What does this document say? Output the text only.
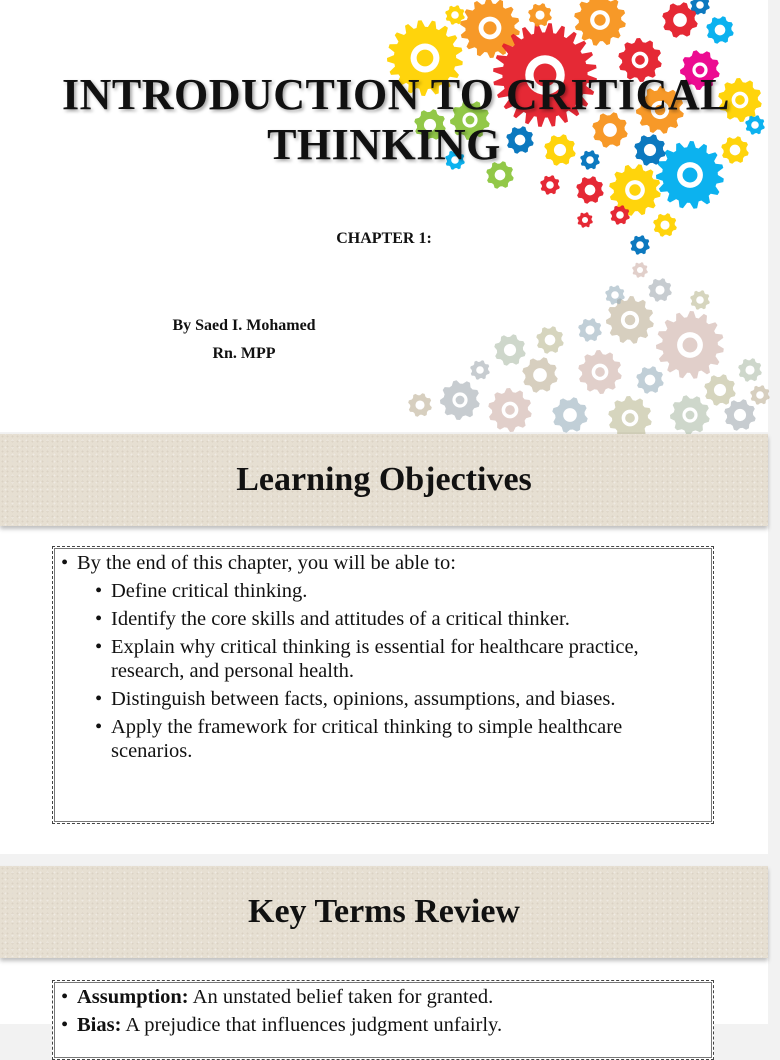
INTRODUCTION TO CRITICAL
THINKING
CHAPTER 1:
By Saed I. Mohamed
Rn. MPP
Learning Objectives
• By the end of this chapter, you will be able to:
• Define critical thinking.
• Identify the core skills and attitudes of a critical thinker.
• Explain why critical thinking is essential for healthcare practice, research, and personal health.
• Distinguish between facts, opinions, assumptions, and biases.
• Apply the framework for critical thinking to simple healthcare scenarios.
Key Terms Review
• Assumption: An unstated belief taken for granted.
• Bias: A prejudice that influences judgment unfairly.
